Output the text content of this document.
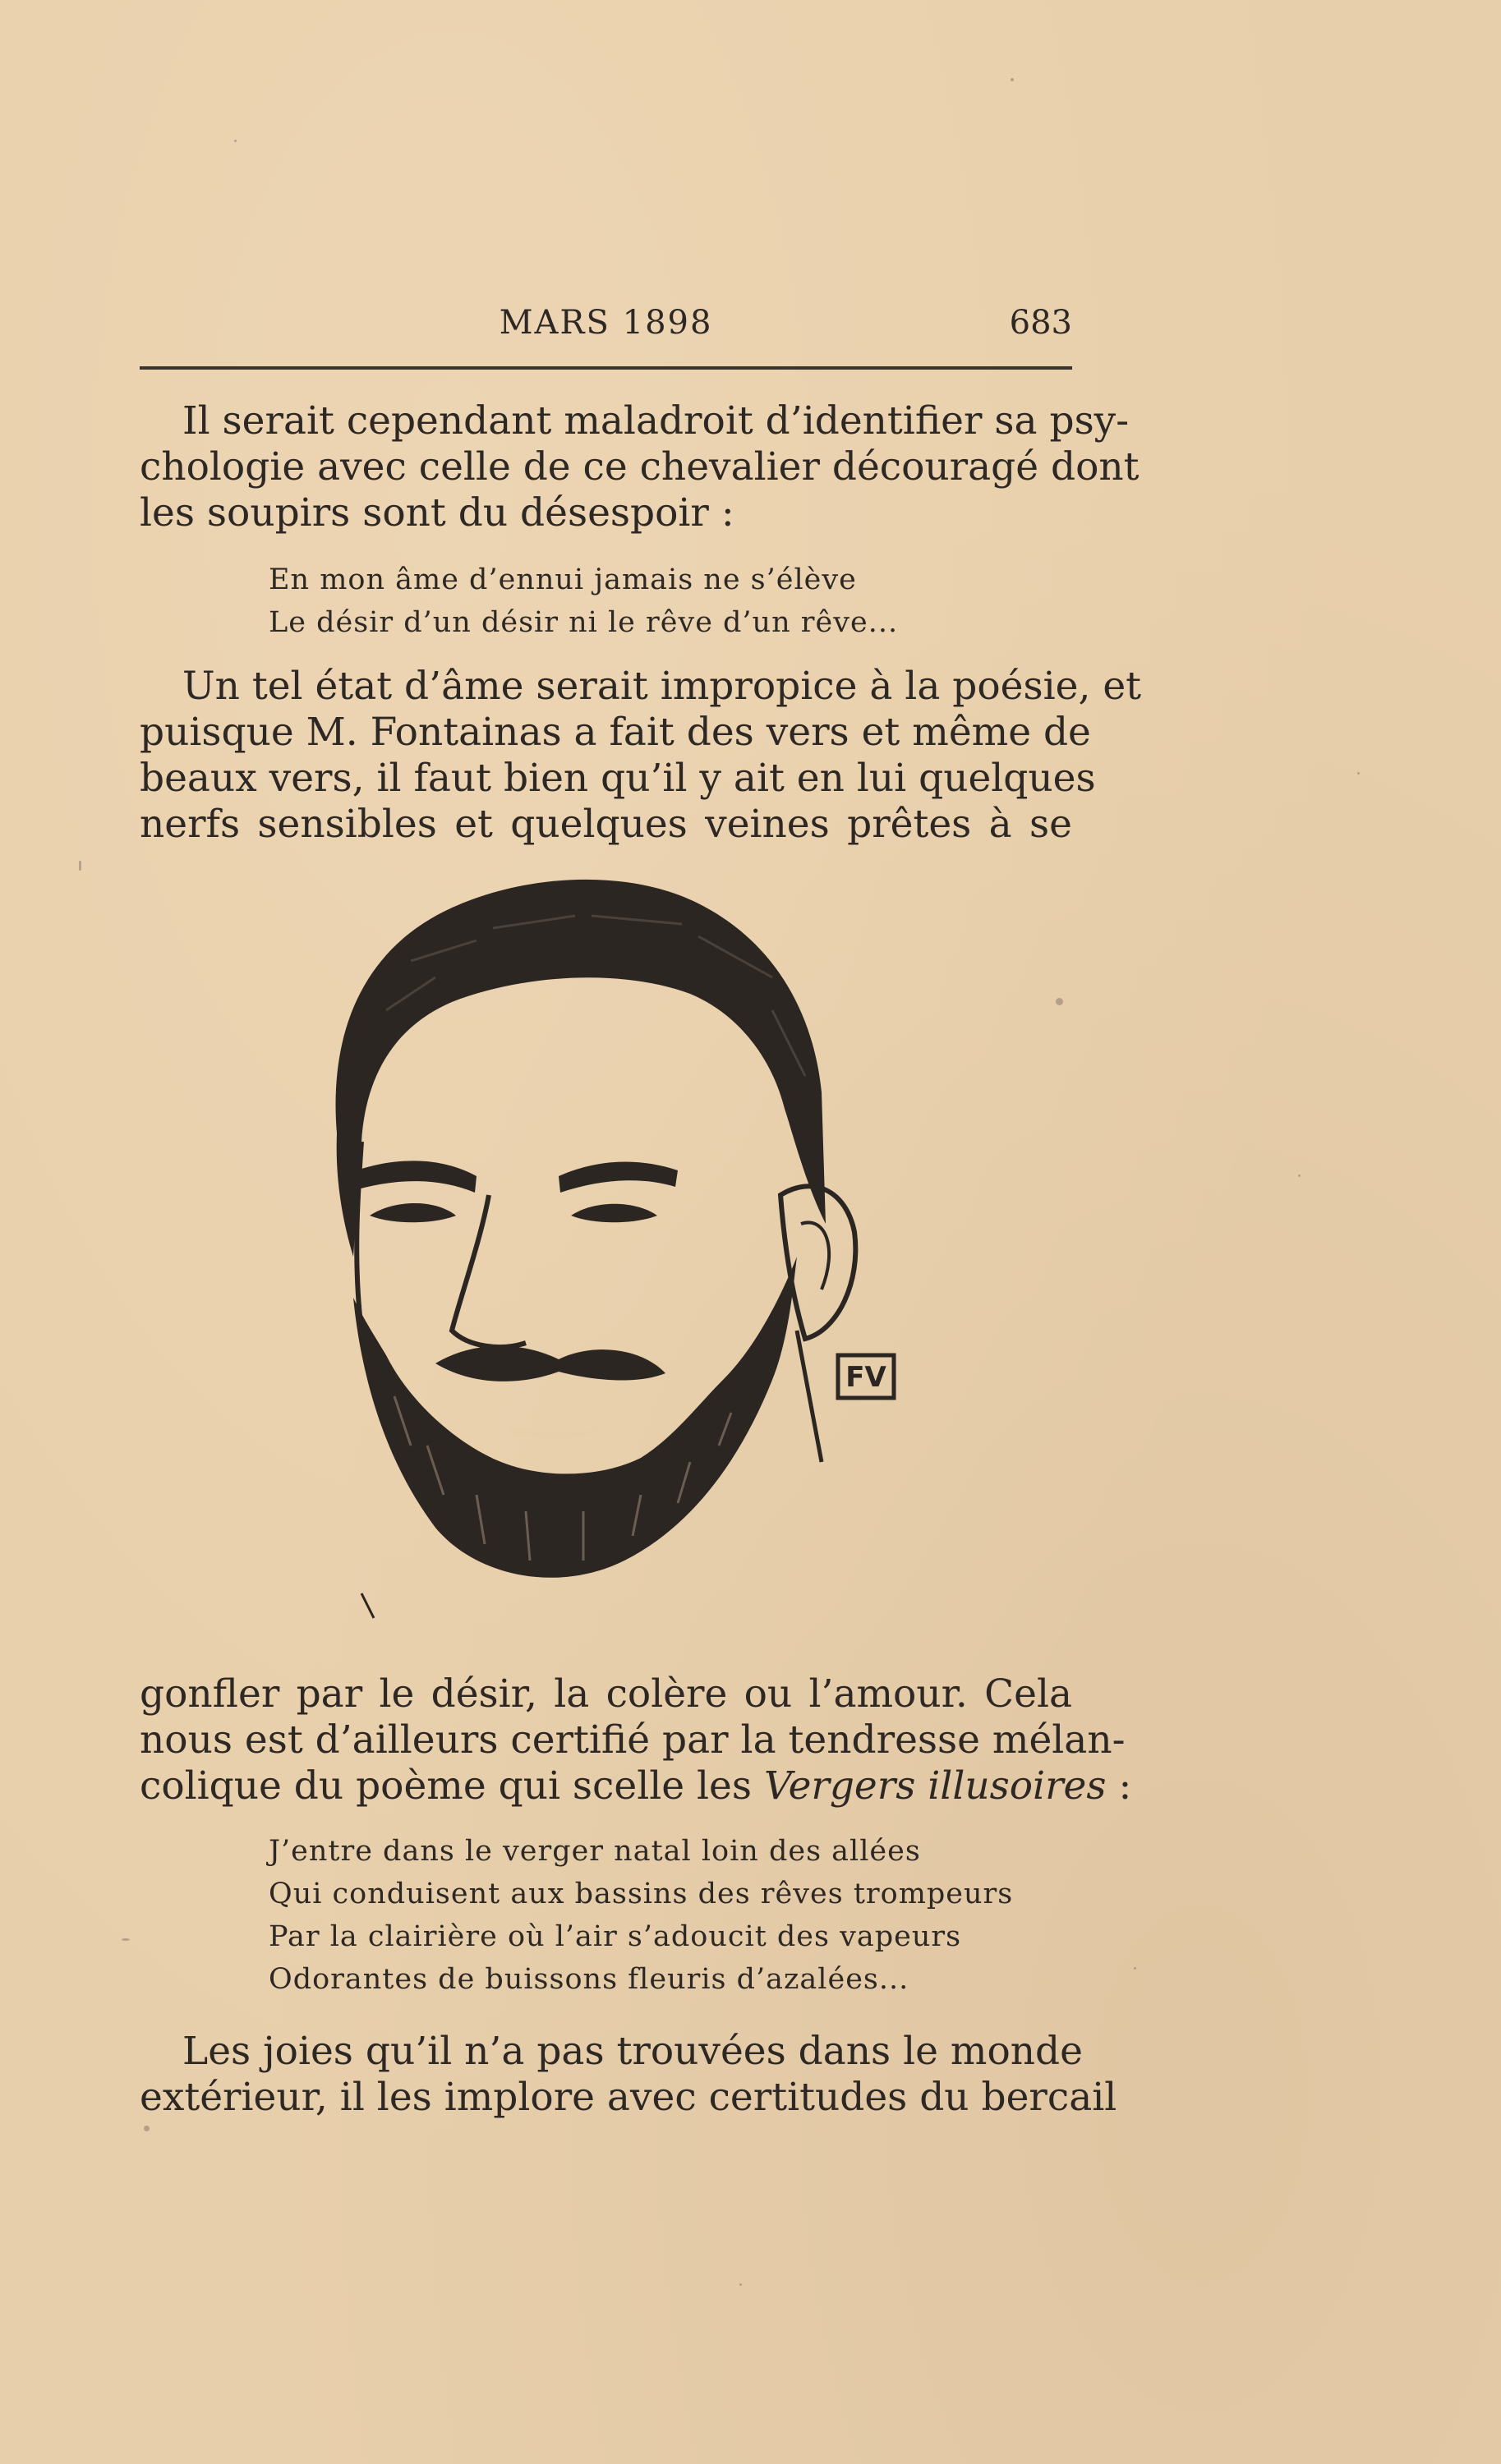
MARS 1898	683
Il serait cependant maladroit d’identifier sa psy-
chologie avec celle de ce chevalier découragé dont
les soupirs sont du désespoir :
En mon âme d’ennui jamais ne s’élève
Le désir d’un désir ni le rêve d’un rêve...
Un tel état d’âme serait impropice à la poésie, et
puisque M. Fontainas a fait des vers et même de
beaux vers, il faut bien qu’il y ait en lui quelques
nerfs sensibles et quelques veines prêtes à se
FV
gonfler par le désir, la colère ou l’amour. Cela
nous est d’ailleurs certifié par la tendresse mélan-
colique du poème qui scelle les Vergers illusoires :
J’entre dans le verger natal loin des allées
Qui conduisent aux bassins des rêves trompeurs
Par la clairière où l’air s’adoucit des vapeurs
Odorantes de buissons fleuris d’azalées...
Les joies qu’il n’a pas trouvées dans le monde
extérieur, il les implore avec certitudes du bercail
